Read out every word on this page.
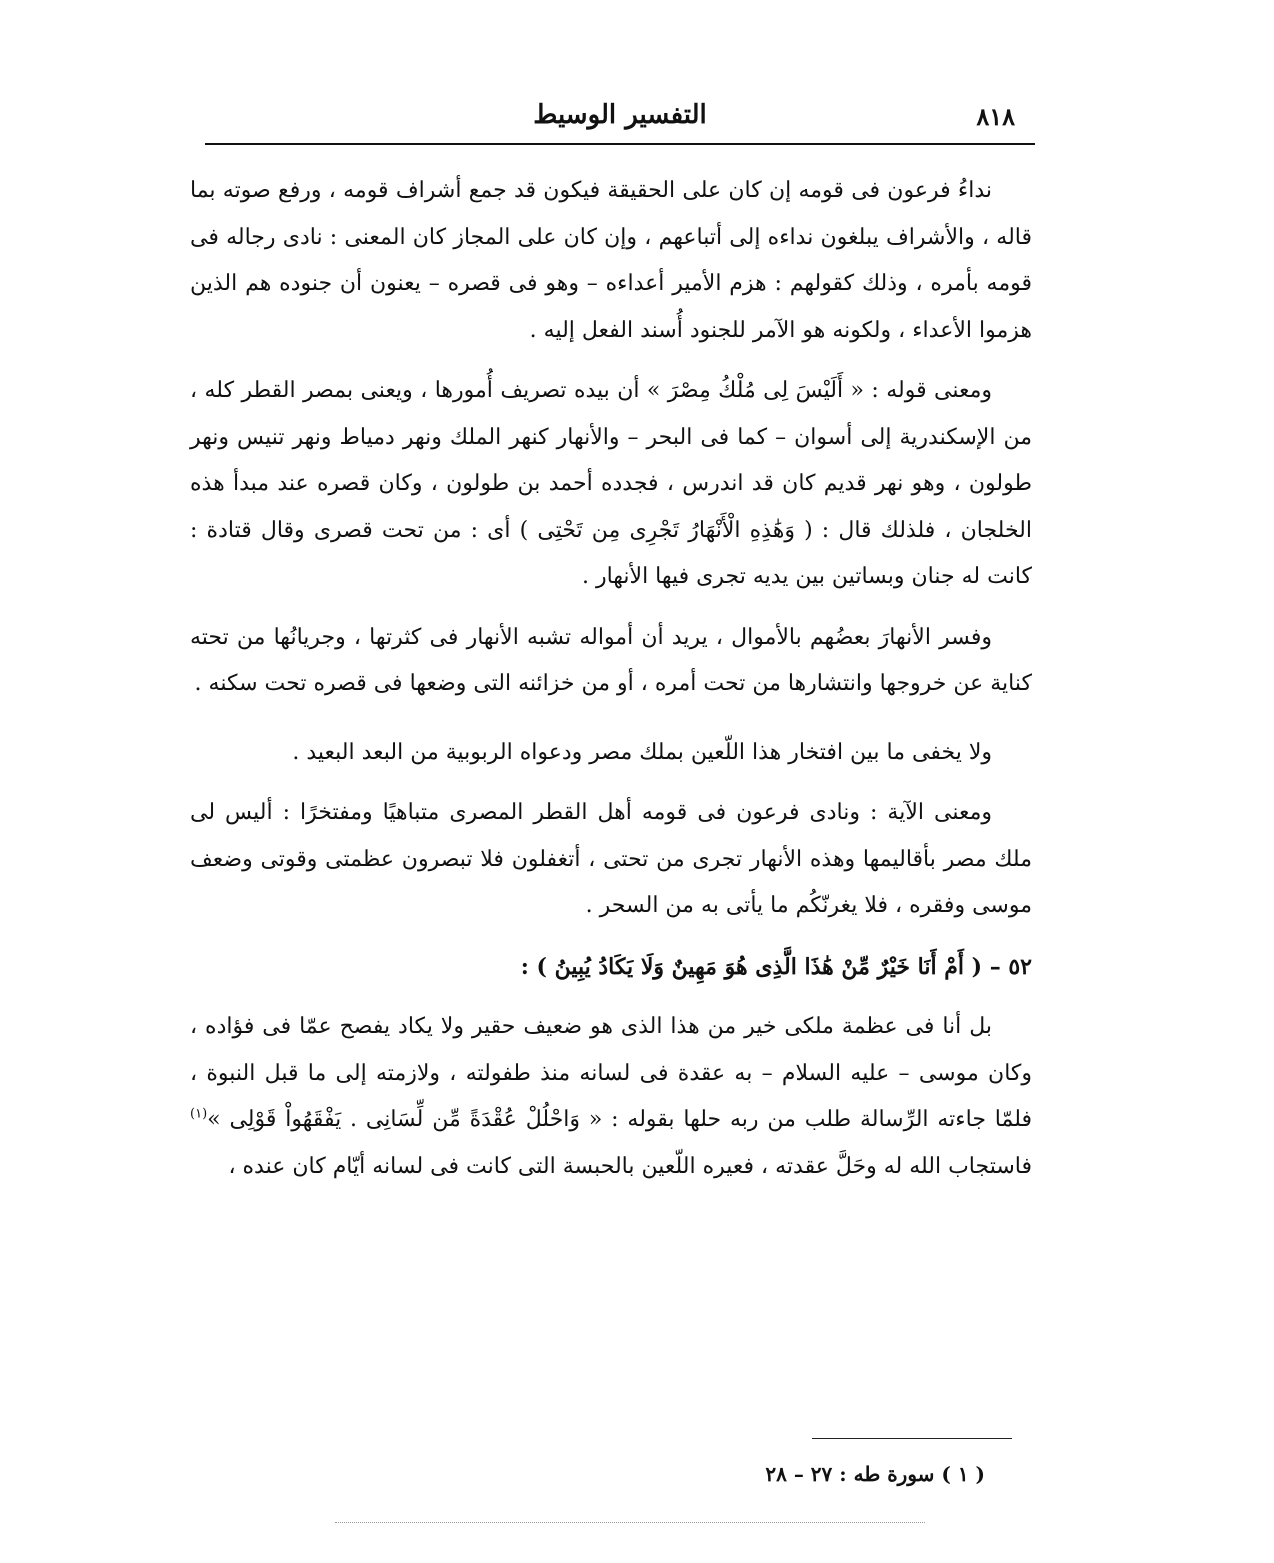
التفسير الوسيط	٨١٨

نداءُ فرعون فى قومه إن كان على الحقيقة فيكون قد جمع أشراف قومه ، ورفع صوته بما قاله ، والأشراف يبلغون نداءه إلى أتباعهم ، وإن كان على المجاز كان المعنى : نادى رجاله فى قومه بأمره ، وذلك كقولهم : هزم الأمير أعداءه – وهو فى قصره – يعنون أن جنوده هم الذين هزموا الأعداء ، ولكونه هو الآمر للجنود أُسند الفعل إليه .

ومعنى قوله : « أَلَيْسَ لِى مُلْكُ مِصْرَ » أن بيده تصريف أُمورها ، ويعنى بمصر القطر كله ، من الإسكندرية إلى أسوان – كما فى البحر – والأنهار كنهر الملك ونهر دمياط ونهر تنيس ونهر طولون ، وهو نهر قديم كان قد اندرس ، فجدده أحمد بن طولون ، وكان قصره عند مبدأ هذه الخلجان ، فلذلك قال : ( وَهَٰذِهِ الْأَنْهَارُ تَجْرِى مِن تَحْتِى ) أى : من تحت قصرى وقال قتادة : كانت له جنان وبساتين بين يديه تجرى فيها الأنهار .

وفسر الأنهارَ بعضُهم بالأموال ، يريد أن أمواله تشبه الأنهار فى كثرتها ، وجريانُها من تحته كناية عن خروجها وانتشارها من تحت أمره ، أو من خزائنه التى وضعها فى قصره تحت سكنه .

ولا يخفى ما بين افتخار هذا اللّعين بملك مصر ودعواه الربوبية من البعد البعيد .

ومعنى الآية : ونادى فرعون فى قومه أهل القطر المصرى متباهيًا ومفتخرًا : أليس لى ملك مصر بأقاليمها وهذه الأنهار تجرى من تحتى ، أتغفلون فلا تبصرون عظمتى وقوتى وضعف موسى وفقره ، فلا يغرنّكُم ما يأتى به من السحر .

٥٢ – ( أَمْ أَنَا خَيْرٌ مِّنْ هَٰذَا الَّذِى هُوَ مَهِينٌ وَلَا يَكَادُ يُبِينُ ) :

بل أنا فى عظمة ملكى خير من هذا الذى هو ضعيف حقير ولا يكاد يفصح عمّا فى فؤاده ، وكان موسى – عليه السلام – به عقدة فى لسانه منذ طفولته ، ولازمته إلى ما قبل النبوة ، فلمّا جاءته الرِّسالة طلب من ربه حلها بقوله : « وَاحْلُلْ عُقْدَةً مِّن لِّسَانِى . يَفْقَهُواْ قَوْلِى »$^{(١)}$ فاستجاب الله له وحَلَّ عقدته ، فعيره اللّعين بالحبسة التى كانت فى لسانه أيّام كان عنده ،

( ١ ) سورة طه : ٢٧ – ٢٨
